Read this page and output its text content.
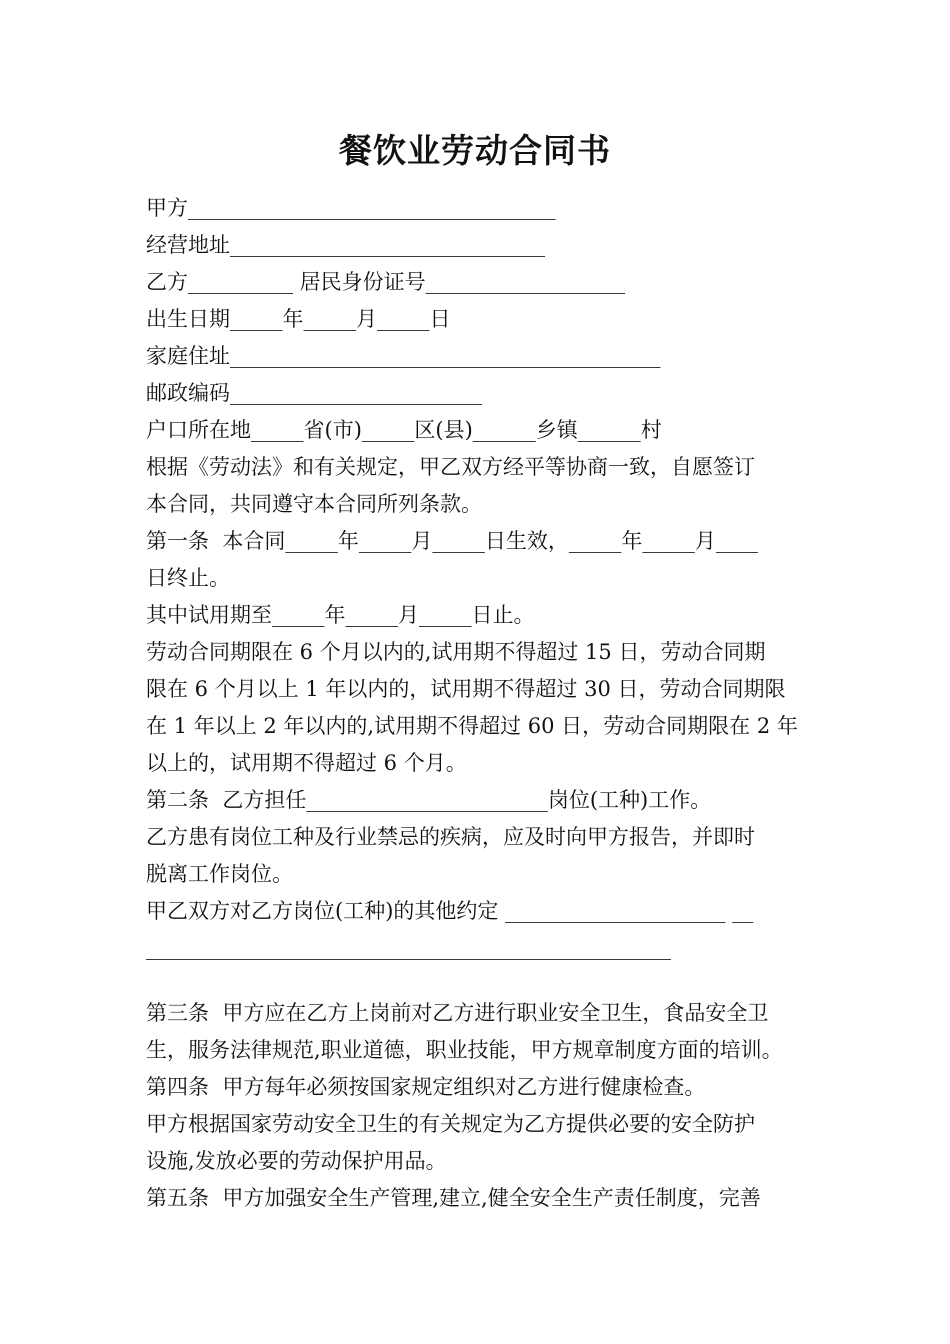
餐饮业劳动合同书
甲方___________________________________
经营地址______________________________
乙方__________ 居民身份证号___________________
出生日期_____年_____月_____日
家庭住址_________________________________________
邮政编码________________________
户口所在地_____省(市)_____区(县)______乡镇______村
根据《劳动法》和有关规定，甲乙双方经平等协商一致，自愿签订
本合同，共同遵守本合同所列条款。
第一条  本合同_____年_____月_____日生效，_____年_____月____
日终止。
其中试用期至_____年_____月_____日止。
劳动合同期限在 6 个月以内的,试用期不得超过 15 日，劳动合同期
限在 6 个月以上 1 年以内的，试用期不得超过 30 日，劳动合同期限
在 1 年以上 2 年以内的,试用期不得超过 60 日，劳动合同期限在 2 年
以上的，试用期不得超过 6 个月。
第二条  乙方担任_______________________岗位(工种)工作。
乙方患有岗位工种及行业禁忌的疾病，应及时向甲方报告，并即时
脱离工作岗位。
甲乙双方对乙方岗位(工种)的其他约定 _____________________ __
__________________________________________________
第三条  甲方应在乙方上岗前对乙方进行职业安全卫生，食品安全卫
生，服务法律规范,职业道德，职业技能，甲方规章制度方面的培训。
第四条  甲方每年必须按国家规定组织对乙方进行健康检查。
甲方根据国家劳动安全卫生的有关规定为乙方提供必要的安全防护
设施,发放必要的劳动保护用品。
第五条  甲方加强安全生产管理,建立,健全安全生产责任制度，完善
